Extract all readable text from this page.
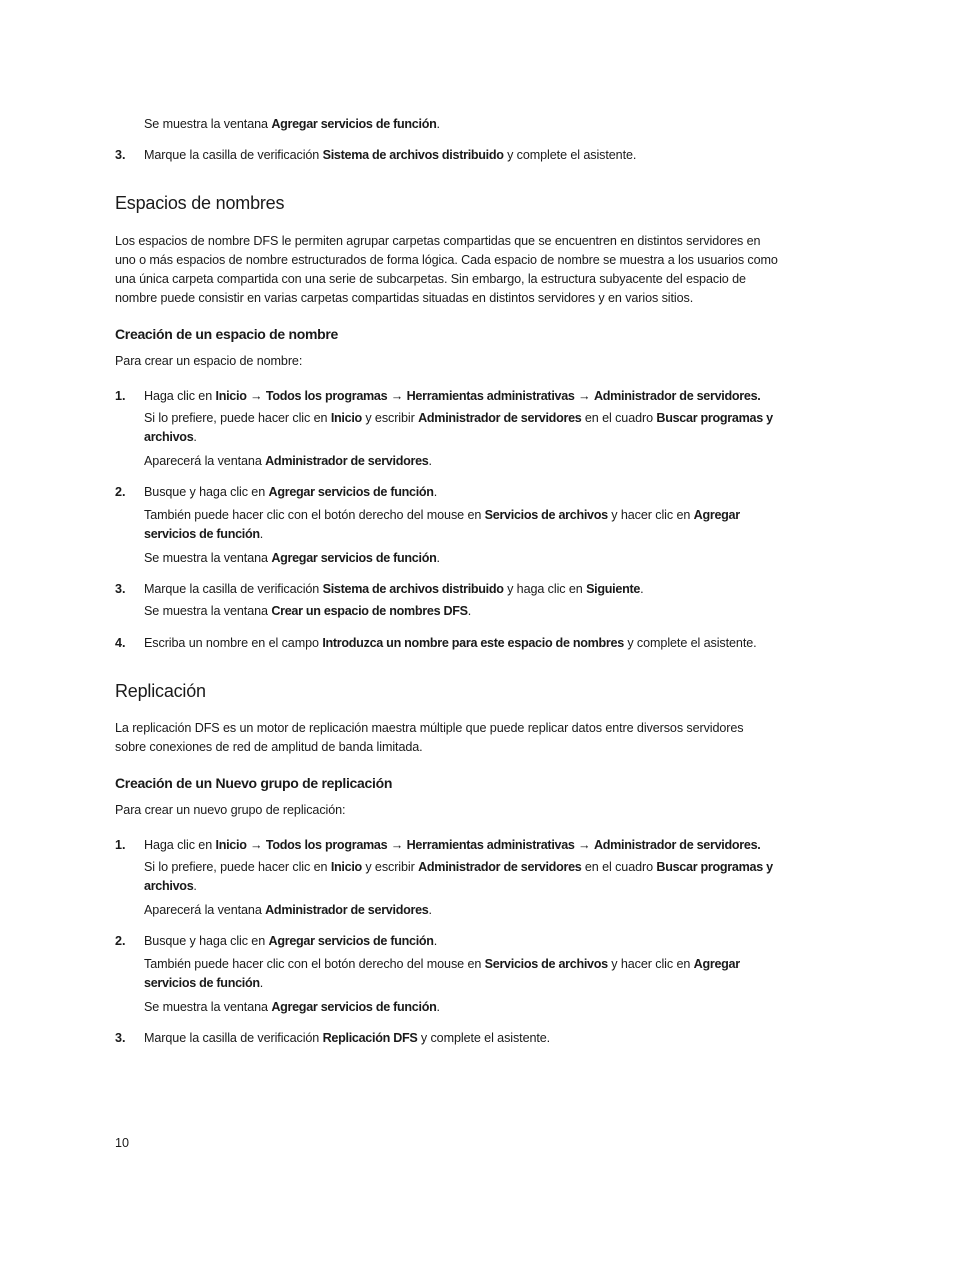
Se muestra la ventana Agregar servicios de función.
3. Marque la casilla de verificación Sistema de archivos distribuido y complete el asistente.
Espacios de nombres
Los espacios de nombre DFS le permiten agrupar carpetas compartidas que se encuentren en distintos servidores en
uno o más espacios de nombre estructurados de forma lógica. Cada espacio de nombre se muestra a los usuarios como
una única carpeta compartida con una serie de subcarpetas. Sin embargo, la estructura subyacente del espacio de
nombre puede consistir en varias carpetas compartidas situadas en distintos servidores y en varios sitios.
Creación de un espacio de nombre
Para crear un espacio de nombre:
1. Haga clic en Inicio → Todos los programas → Herramientas administrativas → Administrador de servidores.
Si lo prefiere, puede hacer clic en Inicio y escribir Administrador de servidores en el cuadro Buscar programas y
archivos.
Aparecerá la ventana Administrador de servidores.
2. Busque y haga clic en Agregar servicios de función.
También puede hacer clic con el botón derecho del mouse en Servicios de archivos y hacer clic en Agregar
servicios de función.
Se muestra la ventana Agregar servicios de función.
3. Marque la casilla de verificación Sistema de archivos distribuido y haga clic en Siguiente.
Se muestra la ventana Crear un espacio de nombres DFS.
4. Escriba un nombre en el campo Introduzca un nombre para este espacio de nombres y complete el asistente.
Replicación
La replicación DFS es un motor de replicación maestra múltiple que puede replicar datos entre diversos servidores
sobre conexiones de red de amplitud de banda limitada.
Creación de un Nuevo grupo de replicación
Para crear un nuevo grupo de replicación:
1. Haga clic en Inicio → Todos los programas → Herramientas administrativas → Administrador de servidores.
Si lo prefiere, puede hacer clic en Inicio y escribir Administrador de servidores en el cuadro Buscar programas y
archivos.
Aparecerá la ventana Administrador de servidores.
2. Busque y haga clic en Agregar servicios de función.
También puede hacer clic con el botón derecho del mouse en Servicios de archivos y hacer clic en Agregar
servicios de función.
Se muestra la ventana Agregar servicios de función.
3. Marque la casilla de verificación Replicación DFS y complete el asistente.
10
